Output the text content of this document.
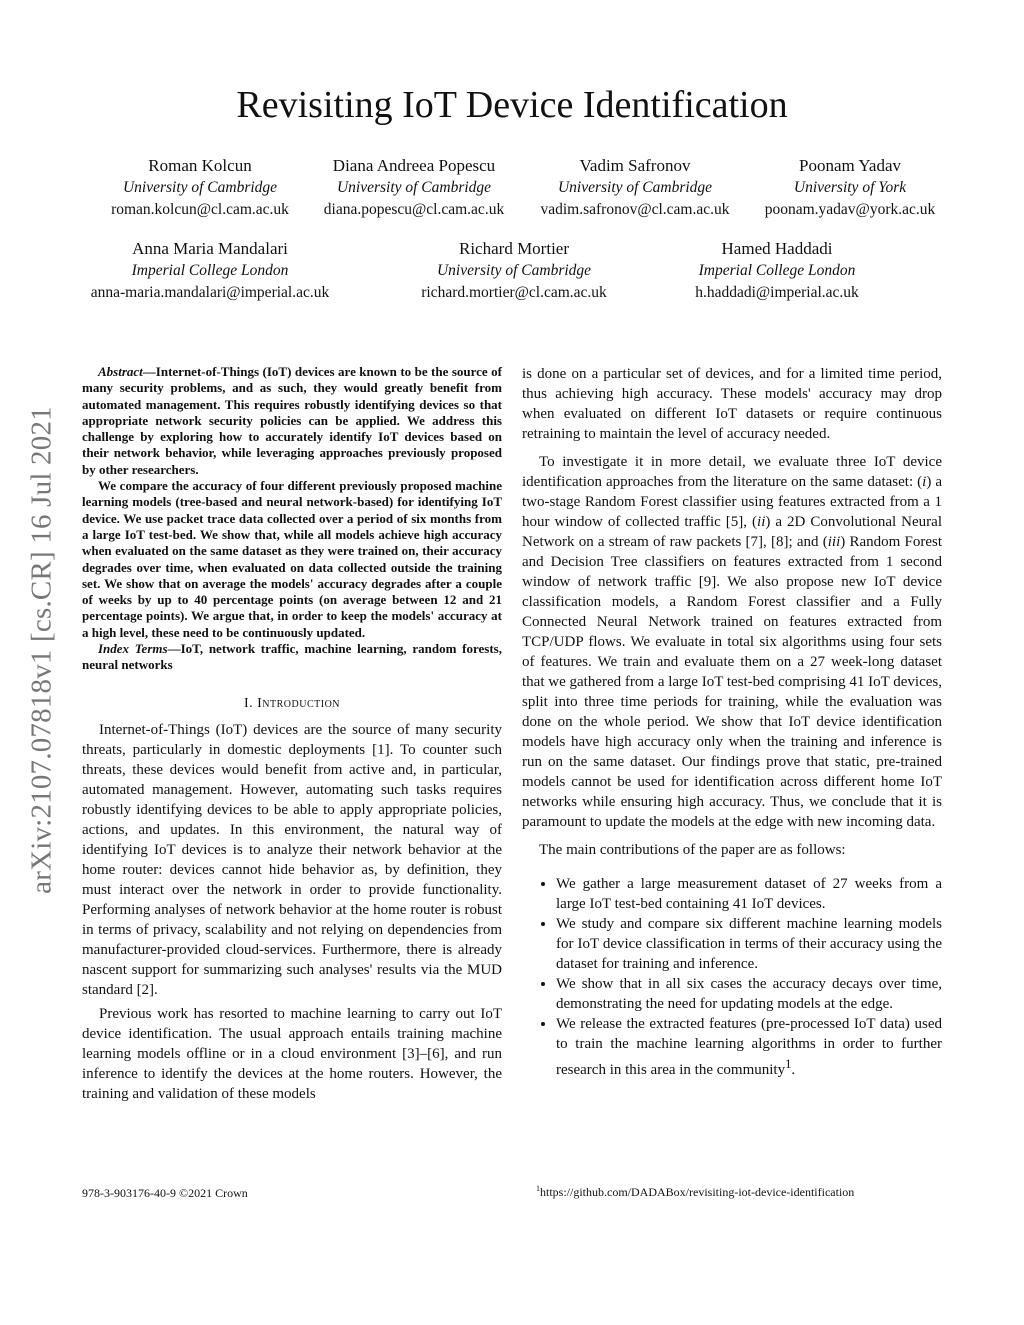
arXiv:2107.07818v1 [cs.CR] 16 Jul 2021
Revisiting IoT Device Identification
Roman Kolcun
University of Cambridge
roman.kolcun@cl.cam.ac.uk
Diana Andreea Popescu
University of Cambridge
diana.popescu@cl.cam.ac.uk
Vadim Safronov
University of Cambridge
vadim.safronov@cl.cam.ac.uk
Poonam Yadav
University of York
poonam.yadav@york.ac.uk
Anna Maria Mandalari
Imperial College London
anna-maria.mandalari@imperial.ac.uk
Richard Mortier
University of Cambridge
richard.mortier@cl.cam.ac.uk
Hamed Haddadi
Imperial College London
h.haddadi@imperial.ac.uk

Abstract—Internet-of-Things (IoT) devices are known to be the source of many security problems, and as such, they would greatly benefit from automated management. This requires robustly identifying devices so that appropriate network security policies can be applied. We address this challenge by exploring how to accurately identify IoT devices based on their network behavior, while leveraging approaches previously proposed by other researchers.

We compare the accuracy of four different previously proposed machine learning models (tree-based and neural network-based) for identifying IoT device. We use packet trace data collected over a period of six months from a large IoT test-bed. We show that, while all models achieve high accuracy when evaluated on the same dataset as they were trained on, their accuracy degrades over time, when evaluated on data collected outside the training set. We show that on average the models' accuracy degrades after a couple of weeks by up to 40 percentage points (on average between 12 and 21 percentage points). We argue that, in order to keep the models' accuracy at a high level, these need to be continuously updated.

Index Terms—IoT, network traffic, machine learning, random forests, neural networks

I. Introduction

Internet-of-Things (IoT) devices are the source of many security threats, particularly in domestic deployments [1]. To counter such threats, these devices would benefit from active and, in particular, automated management. However, automating such tasks requires robustly identifying devices to be able to apply appropriate policies, actions, and updates. In this environment, the natural way of identifying IoT devices is to analyze their network behavior at the home router: devices cannot hide behavior as, by definition, they must interact over the network in order to provide functionality. Performing analyses of network behavior at the home router is robust in terms of privacy, scalability and not relying on dependencies from manufacturer-provided cloud-services. Furthermore, there is already nascent support for summarizing such analyses' results via the MUD standard [2].

Previous work has resorted to machine learning to carry out IoT device identification. The usual approach entails training machine learning models offline or in a cloud environment [3]–[6], and run inference to identify the devices at the home routers. However, the training and validation of these models

is done on a particular set of devices, and for a limited time period, thus achieving high accuracy. These models' accuracy may drop when evaluated on different IoT datasets or require continuous retraining to maintain the level of accuracy needed.

To investigate it in more detail, we evaluate three IoT device identification approaches from the literature on the same dataset: (i) a two-stage Random Forest classifier using features extracted from a 1 hour window of collected traffic [5], (ii) a 2D Convolutional Neural Network on a stream of raw packets [7], [8]; and (iii) Random Forest and Decision Tree classifiers on features extracted from 1 second window of network traffic [9]. We also propose new IoT device classification models, a Random Forest classifier and a Fully Connected Neural Network trained on features extracted from TCP/UDP flows. We evaluate in total six algorithms using four sets of features. We train and evaluate them on a 27 week-long dataset that we gathered from a large IoT test-bed comprising 41 IoT devices, split into three time periods for training, while the evaluation was done on the whole period. We show that IoT device identification models have high accuracy only when the training and inference is run on the same dataset. Our findings prove that static, pre-trained models cannot be used for identification across different home IoT networks while ensuring high accuracy. Thus, we conclude that it is paramount to update the models at the edge with new incoming data.

The main contributions of the paper are as follows:

• We gather a large measurement dataset of 27 weeks from a large IoT test-bed containing 41 IoT devices.
• We study and compare six different machine learning models for IoT device classification in terms of their accuracy using the dataset for training and inference.
• We show that in all six cases the accuracy decays over time, demonstrating the need for updating models at the edge.
• We release the extracted features (pre-processed IoT data) used to train the machine learning algorithms in order to further research in this area in the community$^1$.
978-3-903176-40-9 ©2021 Crown	$^1$https://github.com/DADABox/revisiting-iot-device-identification
